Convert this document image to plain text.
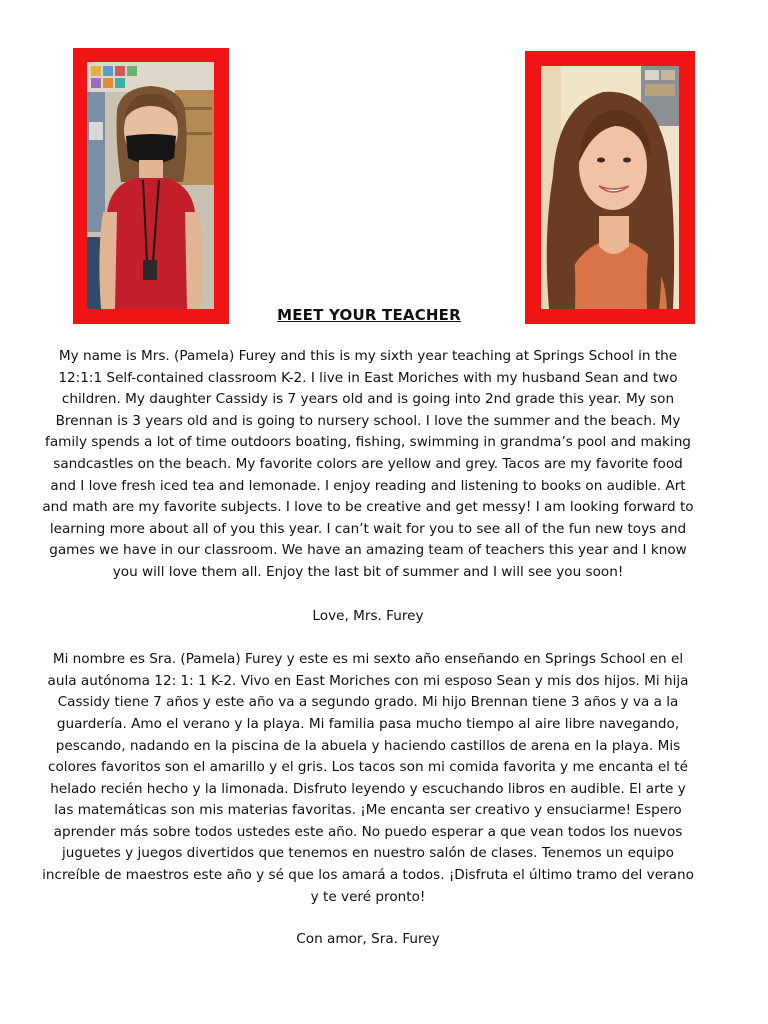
MEET YOUR TEACHER

My name is Mrs. (Pamela) Furey and this is my sixth year teaching at Springs School in the 12:1:1 Self-contained classroom K-2. I live in East Moriches with my husband Sean and two children. My daughter Cassidy is 7 years old and is going into 2nd grade this year. My son Brennan is 3 years old and is going to nursery school. I love the summer and the beach. My family spends a lot of time outdoors boating, fishing, swimming in grandma’s pool and making sandcastles on the beach. My favorite colors are yellow and grey. Tacos are my favorite food and I love fresh iced tea and lemonade. I enjoy reading and listening to books on audible. Art and math are my favorite subjects. I love to be creative and get messy! I am looking forward to learning more about all of you this year. I can’t wait for you to see all of the fun new toys and games we have in our classroom. We have an amazing team of teachers this year and I know you will love them all. Enjoy the last bit of summer and I will see you soon!

Love, Mrs. Furey

Mi nombre es Sra. (Pamela) Furey y este es mi sexto año enseñando en Springs School en el aula autónoma 12: 1: 1 K-2. Vivo en East Moriches con mi esposo Sean y mis dos hijos. Mi hija Cassidy tiene 7 años y este año va a segundo grado. Mi hijo Brennan tiene 3 años y va a la guardería. Amo el verano y la playa. Mi familia pasa mucho tiempo al aire libre navegando, pescando, nadando en la piscina de la abuela y haciendo castillos de arena en la playa. Mis colores favoritos son el amarillo y el gris. Los tacos son mi comida favorita y me encanta el té helado recién hecho y la limonada. Disfruto leyendo y escuchando libros en audible. El arte y las matemáticas son mis materias favoritas. ¡Me encanta ser creativo y ensuciarme! Espero aprender más sobre todos ustedes este año. No puedo esperar a que vean todos los nuevos juguetes y juegos divertidos que tenemos en nuestro salón de clases. Tenemos un equipo increíble de maestros este año y sé que los amará a todos. ¡Disfruta el último tramo del verano y te veré pronto!

Con amor, Sra. Furey
